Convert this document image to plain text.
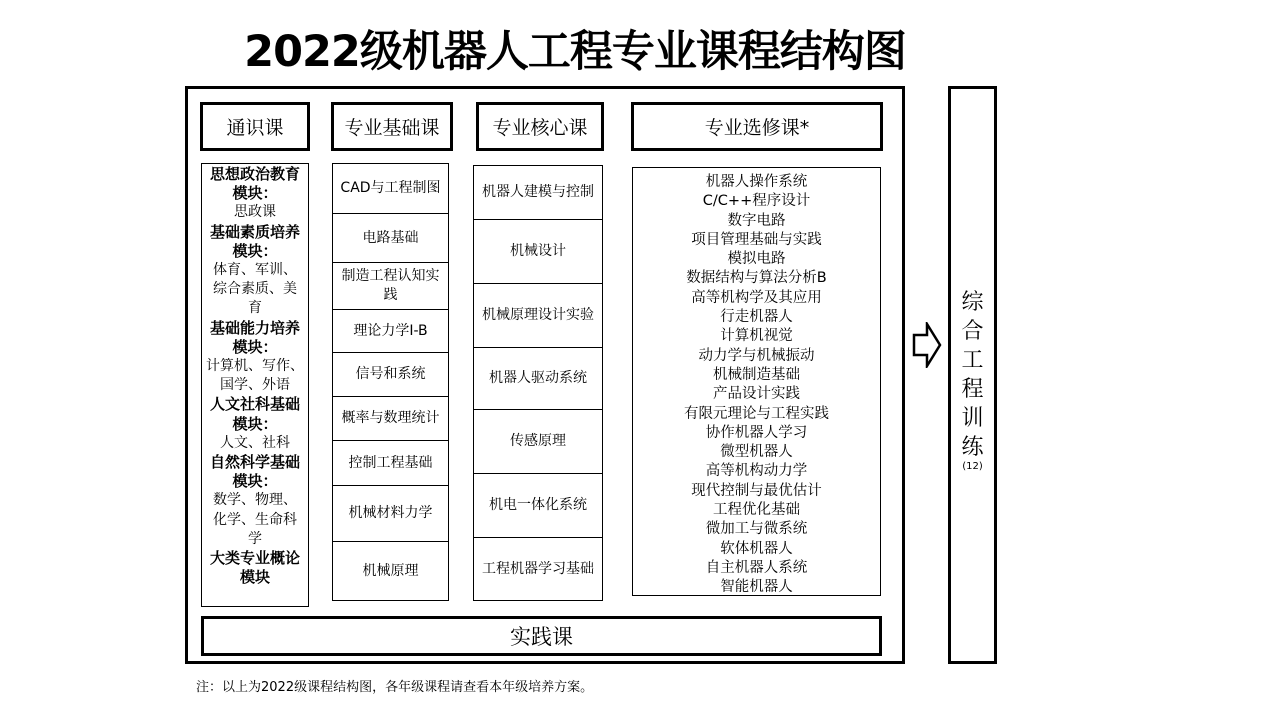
2022级机器人工程专业课程结构图
通识课	专业基础课	专业核心课	专业选修课*
思想政治教育
模块：
思政课
基础素质培养
模块：
体育、军训、
综合素质、美
育
基础能力培养
模块：
计算机、写作、
国学、外语
人文社科基础
模块：
人文、社科
自然科学基础
模块：
数学、物理、
化学、生命科
学
大类专业概论
模块
CAD与工程制图
电路基础
制造工程认知实践
理论力学I-B
信号和系统
概率与数理统计
控制工程基础
机械材料力学
机械原理
机器人建模与控制
机械设计
机械原理设计实验
机器人驱动系统
传感原理
机电一体化系统
工程机器学习基础
机器人操作系统
C/C++程序设计
数字电路
项目管理基础与实践
模拟电路
数据结构与算法分析B
高等机构学及其应用
行走机器人
计算机视觉
动力学与机械振动
机械制造基础
产品设计实践
有限元理论与工程实践
协作机器人学习
微型机器人
高等机构动力学
现代控制与最优估计
工程优化基础
微加工与微系统
软体机器人
自主机器人系统
智能机器人
实践课
综合工程训练
(12)
注：以上为2022级课程结构图，各年级课程请查看本年级培养方案。
